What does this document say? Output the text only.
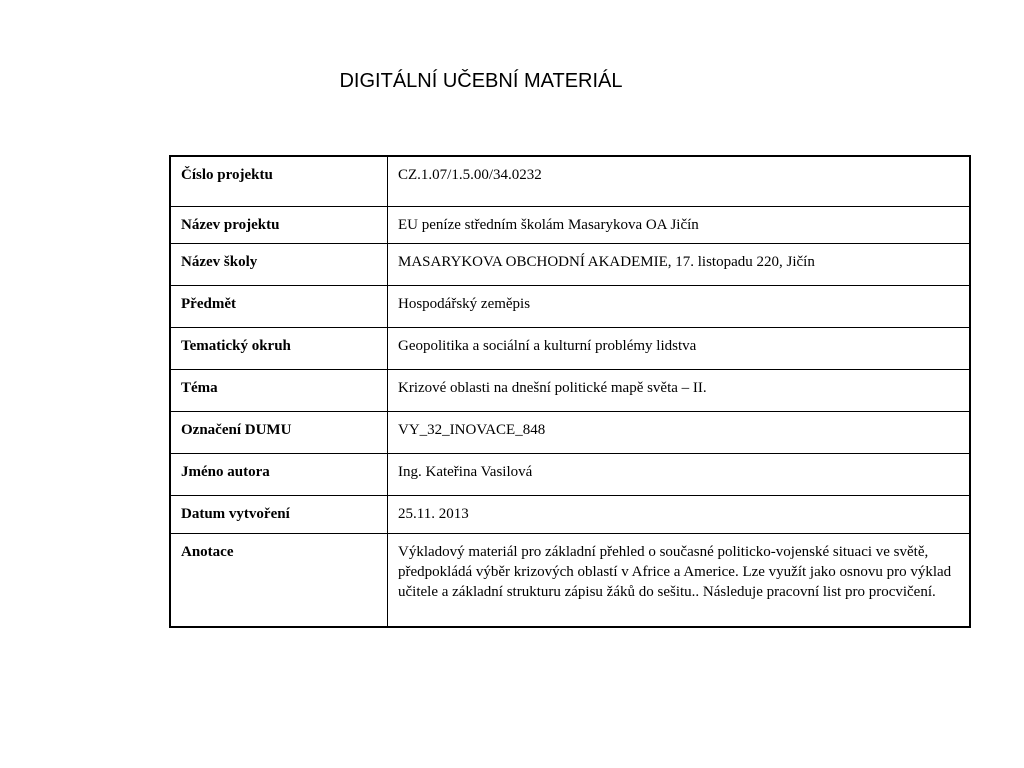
DIGITÁLNÍ UČEBNÍ MATERIÁL
Číslo projektu	CZ.1.07/1.5.00/34.0232
Název projektu	EU peníze středním školám Masarykova OA Jičín
Název školy	MASARYKOVA OBCHODNÍ AKADEMIE, 17. listopadu 220, Jičín
Předmět	Hospodářský zeměpis
Tematický okruh	Geopolitika a sociální a kulturní problémy lidstva
Téma	Krizové oblasti na dnešní politické mapě světa – II.
Označení DUMU	VY_32_INOVACE_848
Jméno autora	Ing. Kateřina Vasilová
Datum vytvoření	25.11. 2013
Anotace	Výkladový materiál pro základní přehled o současné politicko-vojenské situaci ve světě, předpokládá výběr krizových oblastí v Africe a Americe. Lze využít jako osnovu pro výklad učitele a základní strukturu zápisu žáků do sešitu.. Následuje pracovní list pro procvičení.
